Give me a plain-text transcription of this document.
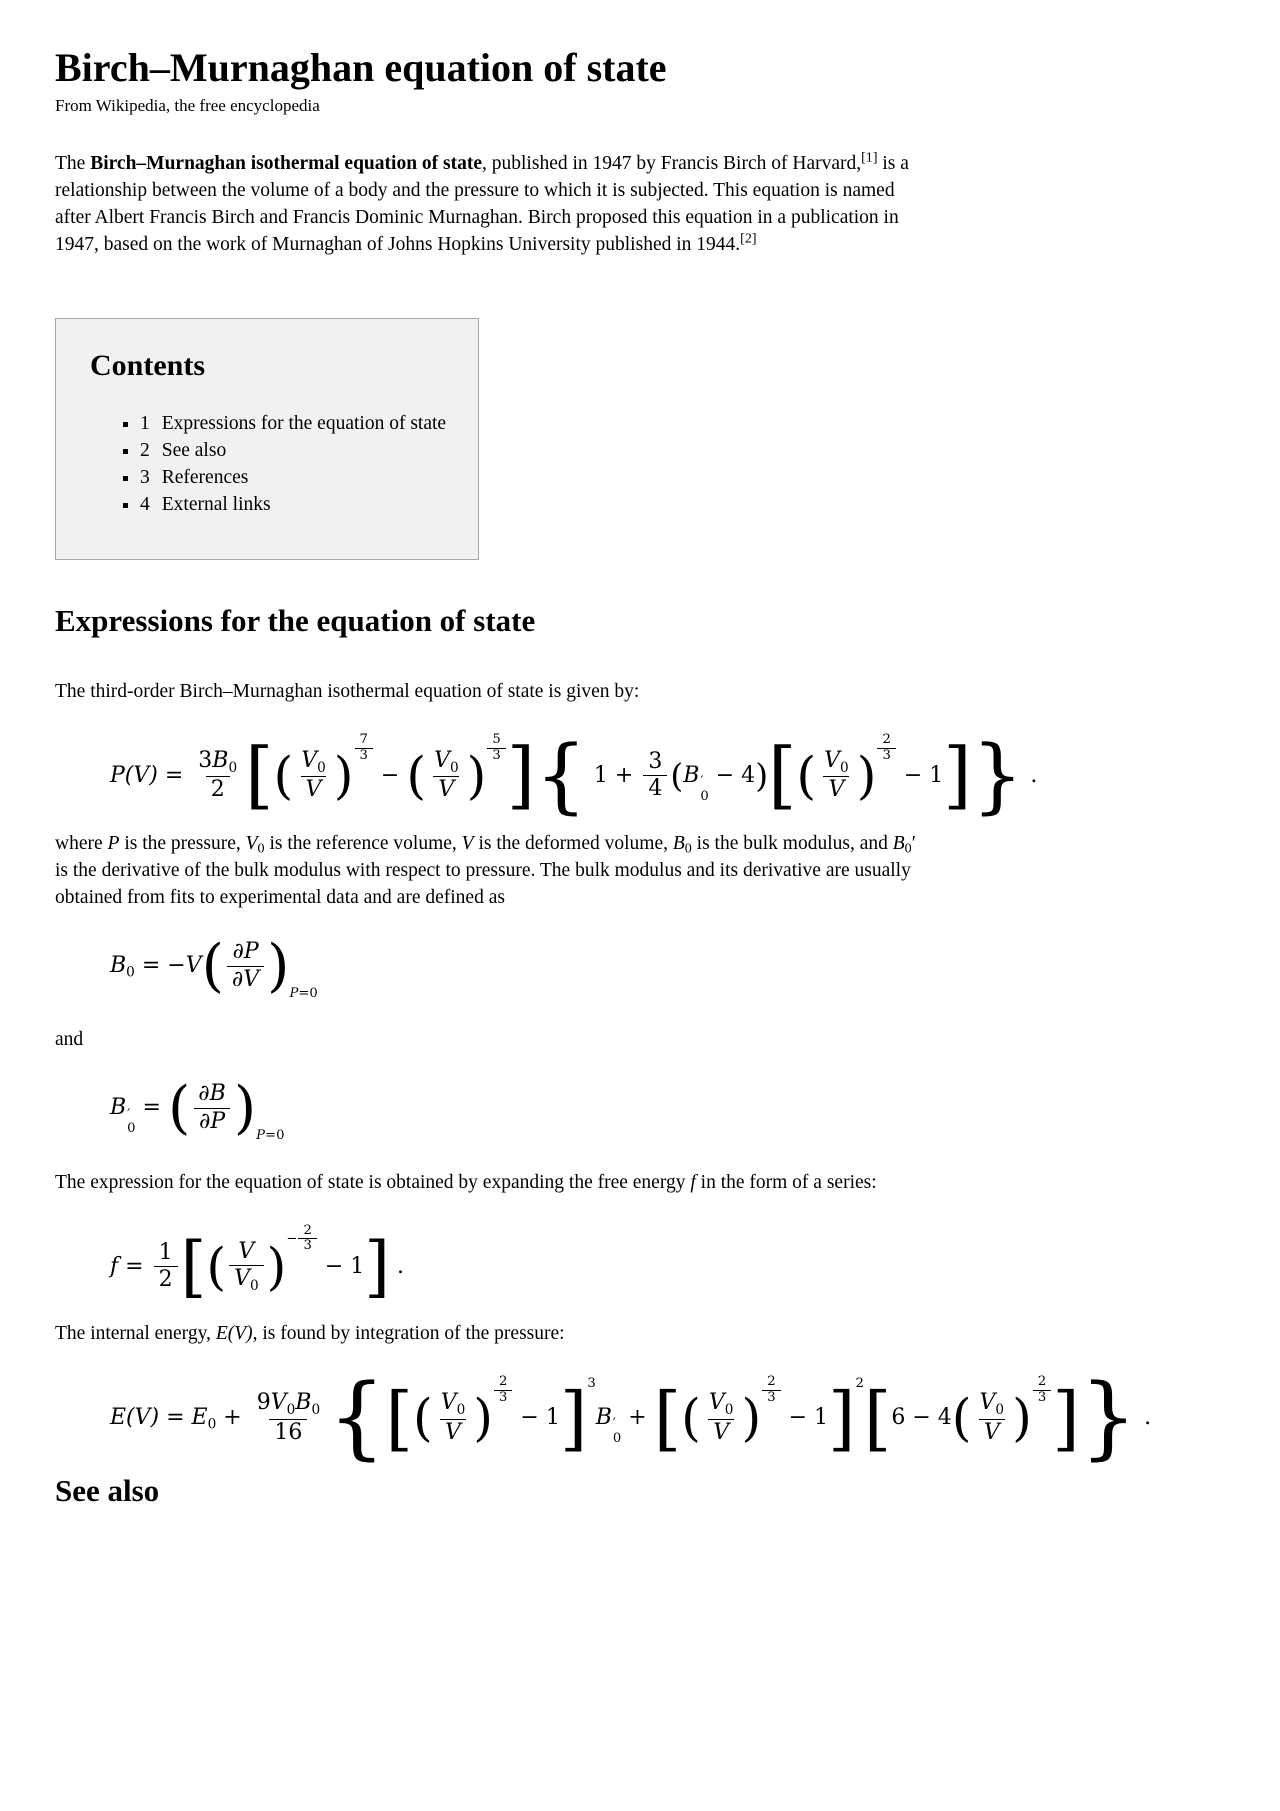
Birch–Murnaghan equation of state
From Wikipedia, the free encyclopedia

The Birch–Murnaghan isothermal equation of state, published in 1947 by Francis Birch of Harvard,[1] is a
relationship between the volume of a body and the pressure to which it is subjected. This equation is named
after Albert Francis Birch and Francis Dominic Murnaghan. Birch proposed this equation in a publication in
1947, based on the work of Murnaghan of Johns Hopkins University published in 1944.[2]

Contents
▪ 1 Expressions for the equation of state
▪ 2 See also
▪ 3 References
▪ 4 External links
Expressions for the equation of state

The third-order Birch–Murnaghan isothermal equation of state is given by:

$P(V) = \frac{3B_0}{2}$ [( $\frac{V_0}{V}$ ) $\frac{7}{3}$
− ( $\frac{V_0}{V}$ ) $\frac{5}{3}$ ]{ $1 + \frac{3}{4} (B$ ′
0
− $4)[( \frac{V_0}{V}$ ) $\frac{2}{3}$
− 1]} .

where P is the pressure, V0 is the reference volume, V is the deformed volume, B0 is the bulk modulus, and B0′
is the derivative of the bulk modulus with respect to pressure. The bulk modulus and its derivative are usually
obtained from fits to experimental data and are defined as

$B_0 = -V( \frac{\partial P}{\partial V} )P=0$

and

B ′
0
= ( $\frac{\partial B}{\partial P} )P=0$

The expression for the equation of state is obtained by expanding the free energy f in the form of a series:

$f = \frac{1}{2}$ [( $\frac{V}{V_0}$ )− $\frac{2}{3}$
− 1] .

The internal energy, E(V), is found by integration of the pressure:

$E(V) = E_0 + \frac{9V_0B_0}{16}$ {[( $\frac{V_0}{V}$ ) $\frac{2}{3}$
− 1]3B ′
0
+ [( $\frac{V_0}{V}$ ) $\frac{2}{3}$
− $1]2[6 - 4( \frac{V_0}{V}$ ) $\frac{2}{3}$ ]} .
See also
